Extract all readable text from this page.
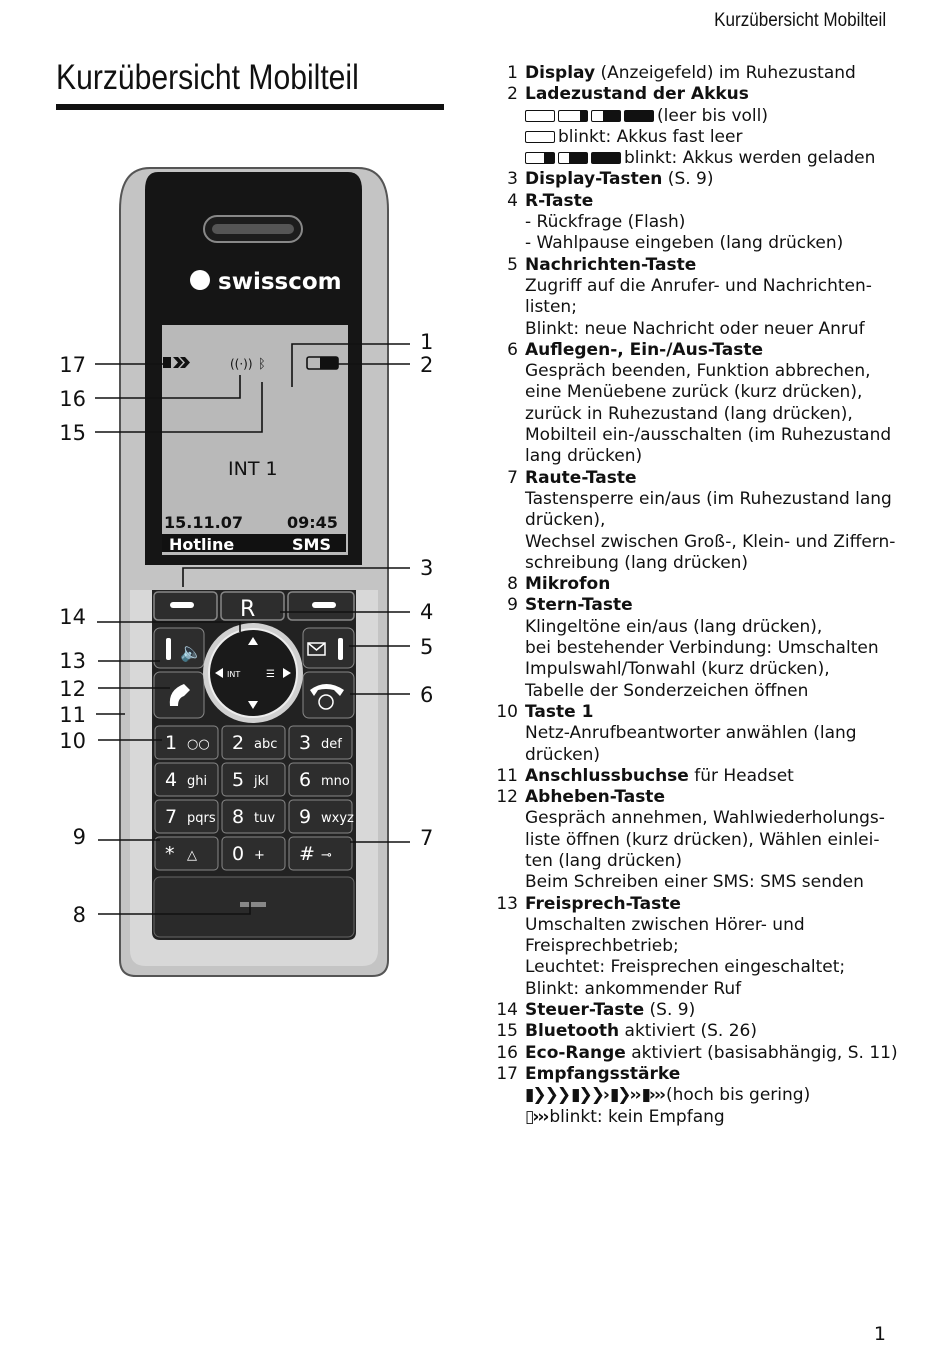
Kurzübersicht Mobilteil
Kurzübersicht Mobilteil
swisscom
((·)) ᛒ
INT 1
15.11.07	09:45
Hotline	SMS
R
🔈
INT	☰
1 ○○ 2 abc 3 def
4 ghi 5 jkl 6 mno
7 pqrs 8 tuv 9 wxyz
* △ 0 + # ⊸
17
16
15
14
13
12
11
10
9
8
1
2
3
4
5
6
7
1 Display (Anzeigefeld) im Ruhezustand
2 Ladezustand der Akkus
(leer bis voll)
blinkt: Akkus fast leer
blinkt: Akkus werden geladen
3 Display-Tasten (S. 9)
4 R-Taste
- Rückfrage (Flash)
- Wahlpause eingeben (lang drücken)
5 Nachrichten-Taste
Zugriff auf die Anrufer- und Nachrichten-
listen;
Blinkt: neue Nachricht oder neuer Anruf
6 Auflegen-, Ein-/Aus-Taste
Gespräch beenden, Funktion abbrechen,
eine Menüebene zurück (kurz drücken),
zurück in Ruhezustand (lang drücken),
Mobilteil ein-/ausschalten (im Ruhezustand
lang drücken)
7 Raute-Taste
Tastensperre ein/aus (im Ruhezustand lang
drücken),
Wechsel zwischen Groß-, Klein- und Ziffern-
schreibung (lang drücken)
8 Mikrofon
9 Stern-Taste
Klingeltöne ein/aus (lang drücken),
bei bestehender Verbindung: Umschalten
Impulswahl/Tonwahl (kurz drücken),
Tabelle der Sonderzeichen öffnen
10 Taste 1
Netz-Anrufbeantworter anwählen (lang
drücken)
11 Anschlussbuchse für Headset
12 Abheben-Taste
Gespräch annehmen, Wahlwiederholungs-
liste öffnen (kurz drücken), Wählen einlei-
ten (lang drücken)
Beim Schreiben einer SMS: SMS senden
13 Freisprech-Taste
Umschalten zwischen Hörer- und
Freisprechbetrieb;
Leuchtet: Freisprechen eingeschaltet;
Blinkt: ankommender Ruf
14 Steuer-Taste (S. 9)
15 Bluetooth aktiviert (S. 26)
16 Eco-Range aktiviert (basisabhängig, S. 11)
17 Empfangsstärke
▮❯❯❯ ▮❯❯› ▮❯›› ▮››› (hoch bis gering)
▯››› blinkt: kein Empfang
1
